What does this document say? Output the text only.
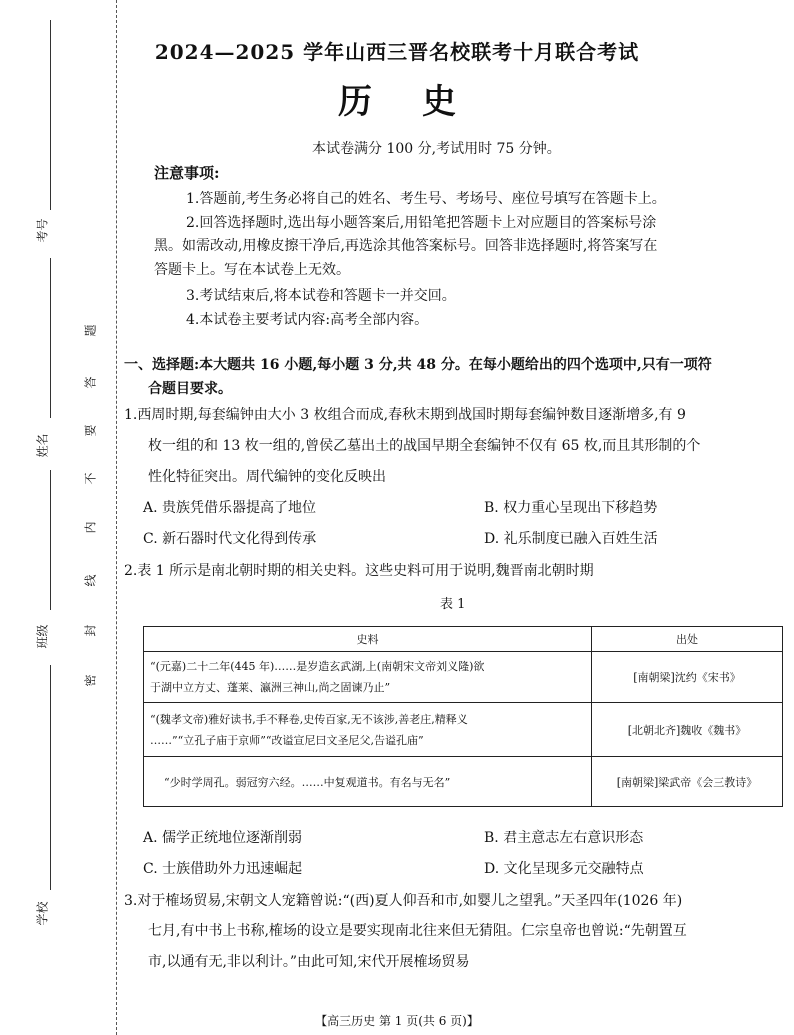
考号
姓名
班级
学校
题
答
要
不
内
线
封
密
2024—2025 学年山西三晋名校联考十月联合考试
历史
本试卷满分 100 分,考试用时 75 分钟。
注意事项:
1.答题前,考生务必将自己的姓名、考生号、考场号、座位号填写在答题卡上。
2.回答选择题时,选出每小题答案后,用铅笔把答题卡上对应题目的答案标号涂
黑。如需改动,用橡皮擦干净后,再选涂其他答案标号。回答非选择题时,将答案写在
答题卡上。写在本试卷上无效。
3.考试结束后,将本试卷和答题卡一并交回。
4.本试卷主要考试内容:高考全部内容。
一、选择题:本大题共 16 小题,每小题 3 分,共 48 分。在每小题给出的四个选项中,只有一项符
合题目要求。
1.西周时期,每套编钟由大小 3 枚组合而成,春秋末期到战国时期每套编钟数目逐渐增多,有 9
枚一组的和 13 枚一组的,曾侯乙墓出土的战国早期全套编钟不仅有 65 枚,而且其形制的个
性化特征突出。周代编钟的变化反映出
A. 贵族凭借乐器提高了地位	B. 权力重心呈现出下移趋势
C. 新石器时代文化得到传承	D. 礼乐制度已融入百姓生活
2.表 1 所示是南北朝时期的相关史料。这些史料可用于说明,魏晋南北朝时期
表 1
史料	出处

“(元嘉)二十二年(445 年)……是岁造玄武湖,上(南朝宋文帝刘义隆)欲
于湖中立方丈、蓬莱、瀛洲三神山,尚之固谏乃止”	[南朝梁]沈约《宋书》

“(魏孝文帝)雅好读书,手不释卷,史传百家,无不该涉,善老庄,精释义
……”“立孔子庙于京师”“改谥宣尼曰文圣尼父,告谥孔庙”	[北朝北齐]魏收《魏书》

“少时学周孔。弱冠穷六经。……中复观道书。有名与无名”	[南朝梁]梁武帝《会三教诗》
A. 儒学正统地位逐渐削弱	B. 君主意志左右意识形态
C. 士族借助外力迅速崛起	D. 文化呈现多元交融特点
3.对于榷场贸易,宋朝文人宠籍曾说:“(西)夏人仰吾和市,如婴儿之望乳。”天圣四年(1026 年)
七月,有中书上书称,榷场的设立是要实现南北往来但无猜阻。仁宗皇帝也曾说:“先朝置互
市,以通有无,非以利计。”由此可知,宋代开展榷场贸易
【高三历史 第 1 页(共 6 页)】
